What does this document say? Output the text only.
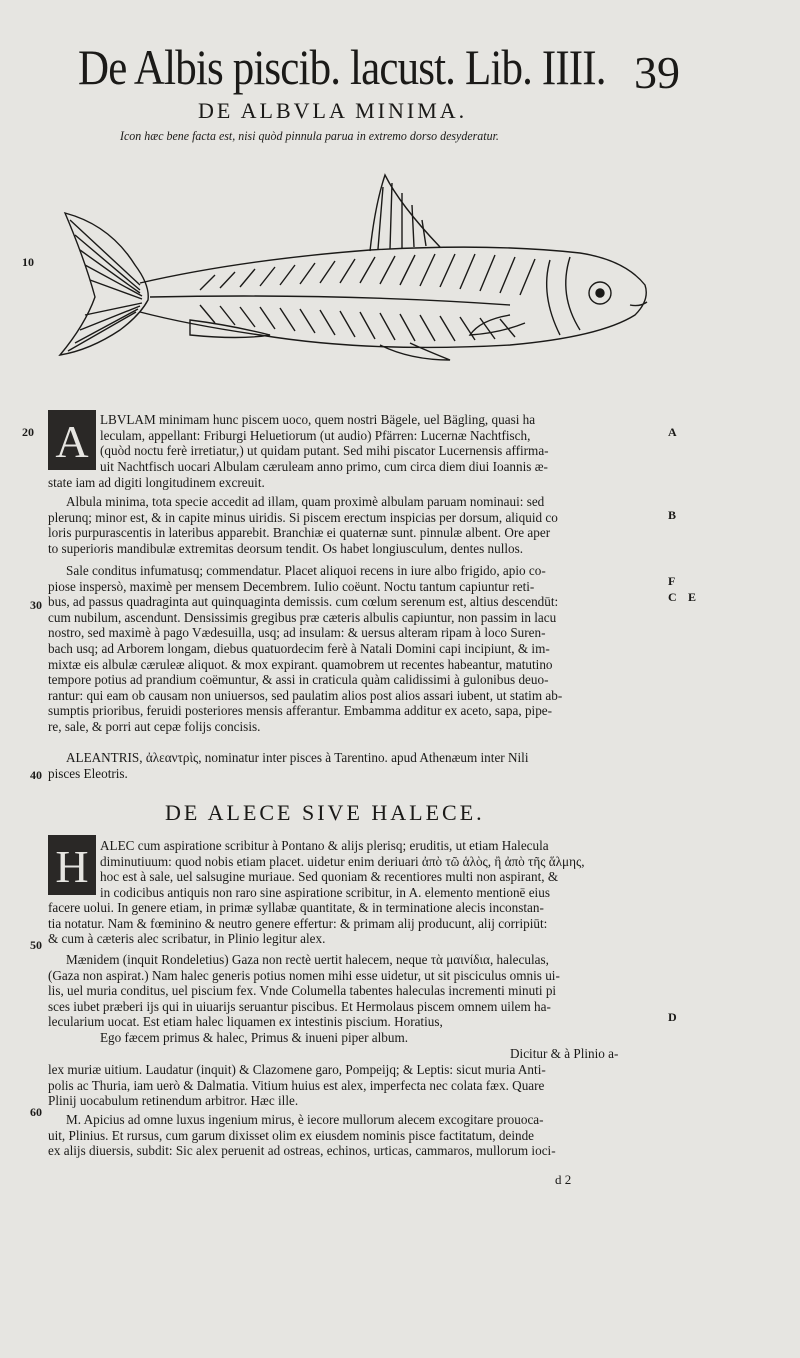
De Albis piscib. lacust. Lib. IIII. 39
DE ALBVLA MINIMA.
Icon hæc bene facta est, nisi quòd pinnula parua in extremo dorso desyderatur.
10
20
30
40
50
60
A
B
F
C E
D
A LBVLAM minimam hunc piscem uoco, quem nostri Bägele, uel Bägling, quasi ha
leculam, appellant: Friburgi Heluetiorum (ut audio) Pfärren: Lucernæ Nachtfisch,
(quòd noctu ferè irretiatur,) ut quidam putant. Sed mihi piscator Lucernensis affirma-
uit Nachtfisch uocari Albulam cæruleam anno primo, cum circa diem diui Ioannis æ-
state iam ad digiti longitudinem excreuit.
Albula minima, tota specie accedit ad illam, quam proximè albulam paruam nominaui: sed
plerunq; minor est, & in capite minus uiridis. Si piscem erectum inspicias per dorsum, aliquid co
loris purpurascentis in lateribus apparebit. Branchiæ ei quaternæ sunt. pinnulæ albent. Ore aper
to superioris mandibulæ extremitas deorsum tendit. Os habet longiusculum, dentes nullos.
Sale conditus infumatusq; commendatur. Placet aliquoi recens in iure albo frigido, apio co-
piose inspersò, maximè per mensem Decembrem. Iulio coëunt. Noctu tantum capiuntur reti-
bus, ad passus quadraginta aut quinquaginta demissis. cum cœlum serenum est, altius descendūt:
cum nubilum, ascendunt. Densissimis gregibus præ cæteris albulis capiuntur, non passim in lacu
nostro, sed maximè à pago Vædesuilla, usq; ad insulam: & uersus alteram ripam à loco Suren-
bach usq; ad Arborem longam, diebus quatuordecim ferè à Natali Domini capi incipiunt, & im-
mixtæ eis albulæ cæruleæ aliquot. & mox expirant. quamobrem ut recentes habeantur, matutino
tempore potius ad prandium coëmuntur, & assi in craticula quàm calidissimi à gulonibus deuo-
rantur: qui eam ob causam non uniuersos, sed paulatim alios post alios assari iubent, ut statim ab-
sumptis prioribus, feruidi posteriores mensis afferantur. Embamma additur ex aceto, sapa, pipe-
re, sale, & porri aut cepæ folijs concisis.
ALEANTRIS, ἀλεαντρὶς, nominatur inter pisces à Tarentino. apud Athenæum inter Nili
pisces Eleotris.
DE ALECE SIVE HALECE.
H ALEC cum aspiratione scribitur à Pontano & alijs plerisq; eruditis, ut etiam Halecula
diminutiuum: quod nobis etiam placet. uidetur enim deriuari ἀπὸ τῶ ἁλὸς, ἢ ἀπὸ τῆς ἅλμης,
hoc est à sale, uel salsugine muriaue. Sed quoniam & recentiores multi non aspirant, &
in codicibus antiquis non raro sine aspiratione scribitur, in A. elemento mentionē eius
facere uolui. In genere etiam, in primæ syllabæ quantitate, & in terminatione alecis inconstan-
tia notatur. Nam & fœminino & neutro genere effertur: & primam alij producunt, alij corripiūt:
& cum à cæteris alec scribatur, in Plinio legitur alex.
Mænidem (inquit Rondeletius) Gaza non rectè uertit halecem, neque τὰ μαινίδια, haleculas,
(Gaza non aspirat.) Nam halec generis potius nomen mihi esse uidetur, ut sit pisciculus omnis ui-
lis, uel muria conditus, uel piscium fex. Vnde Columella tabentes haleculas incrementi minuti pi
sces iubet præberi ijs qui in uiuarijs seruantur piscibus. Et Hermolaus piscem omnem uilem ha-
lecularium uocat. Est etiam halec liquamen ex intestinis piscium. Horatius,
Ego fæcem primus & halec, Primus & inueni piper album.
Dicitur & à Plinio a-
lex muriæ uitium. Laudatur (inquit) & Clazomene garo, Pompeijq; & Leptis: sicut muria Anti-
polis ac Thuria, iam uerò & Dalmatia. Vitium huius est alex, imperfecta nec colata fæx. Quare
Plinij uocabulum retinendum arbitror. Hæc ille.
M. Apicius ad omne luxus ingenium mirus, è iecore mullorum alecem excogitare prouoca-
uit, Plinius. Et rursus, cum garum dixisset olim ex eiusdem nominis pisce factitatum, deinde
ex alijs diuersis, subdit: Sic alex peruenit ad ostreas, echinos, urticas, cammaros, mullorum ioci-
d 2
